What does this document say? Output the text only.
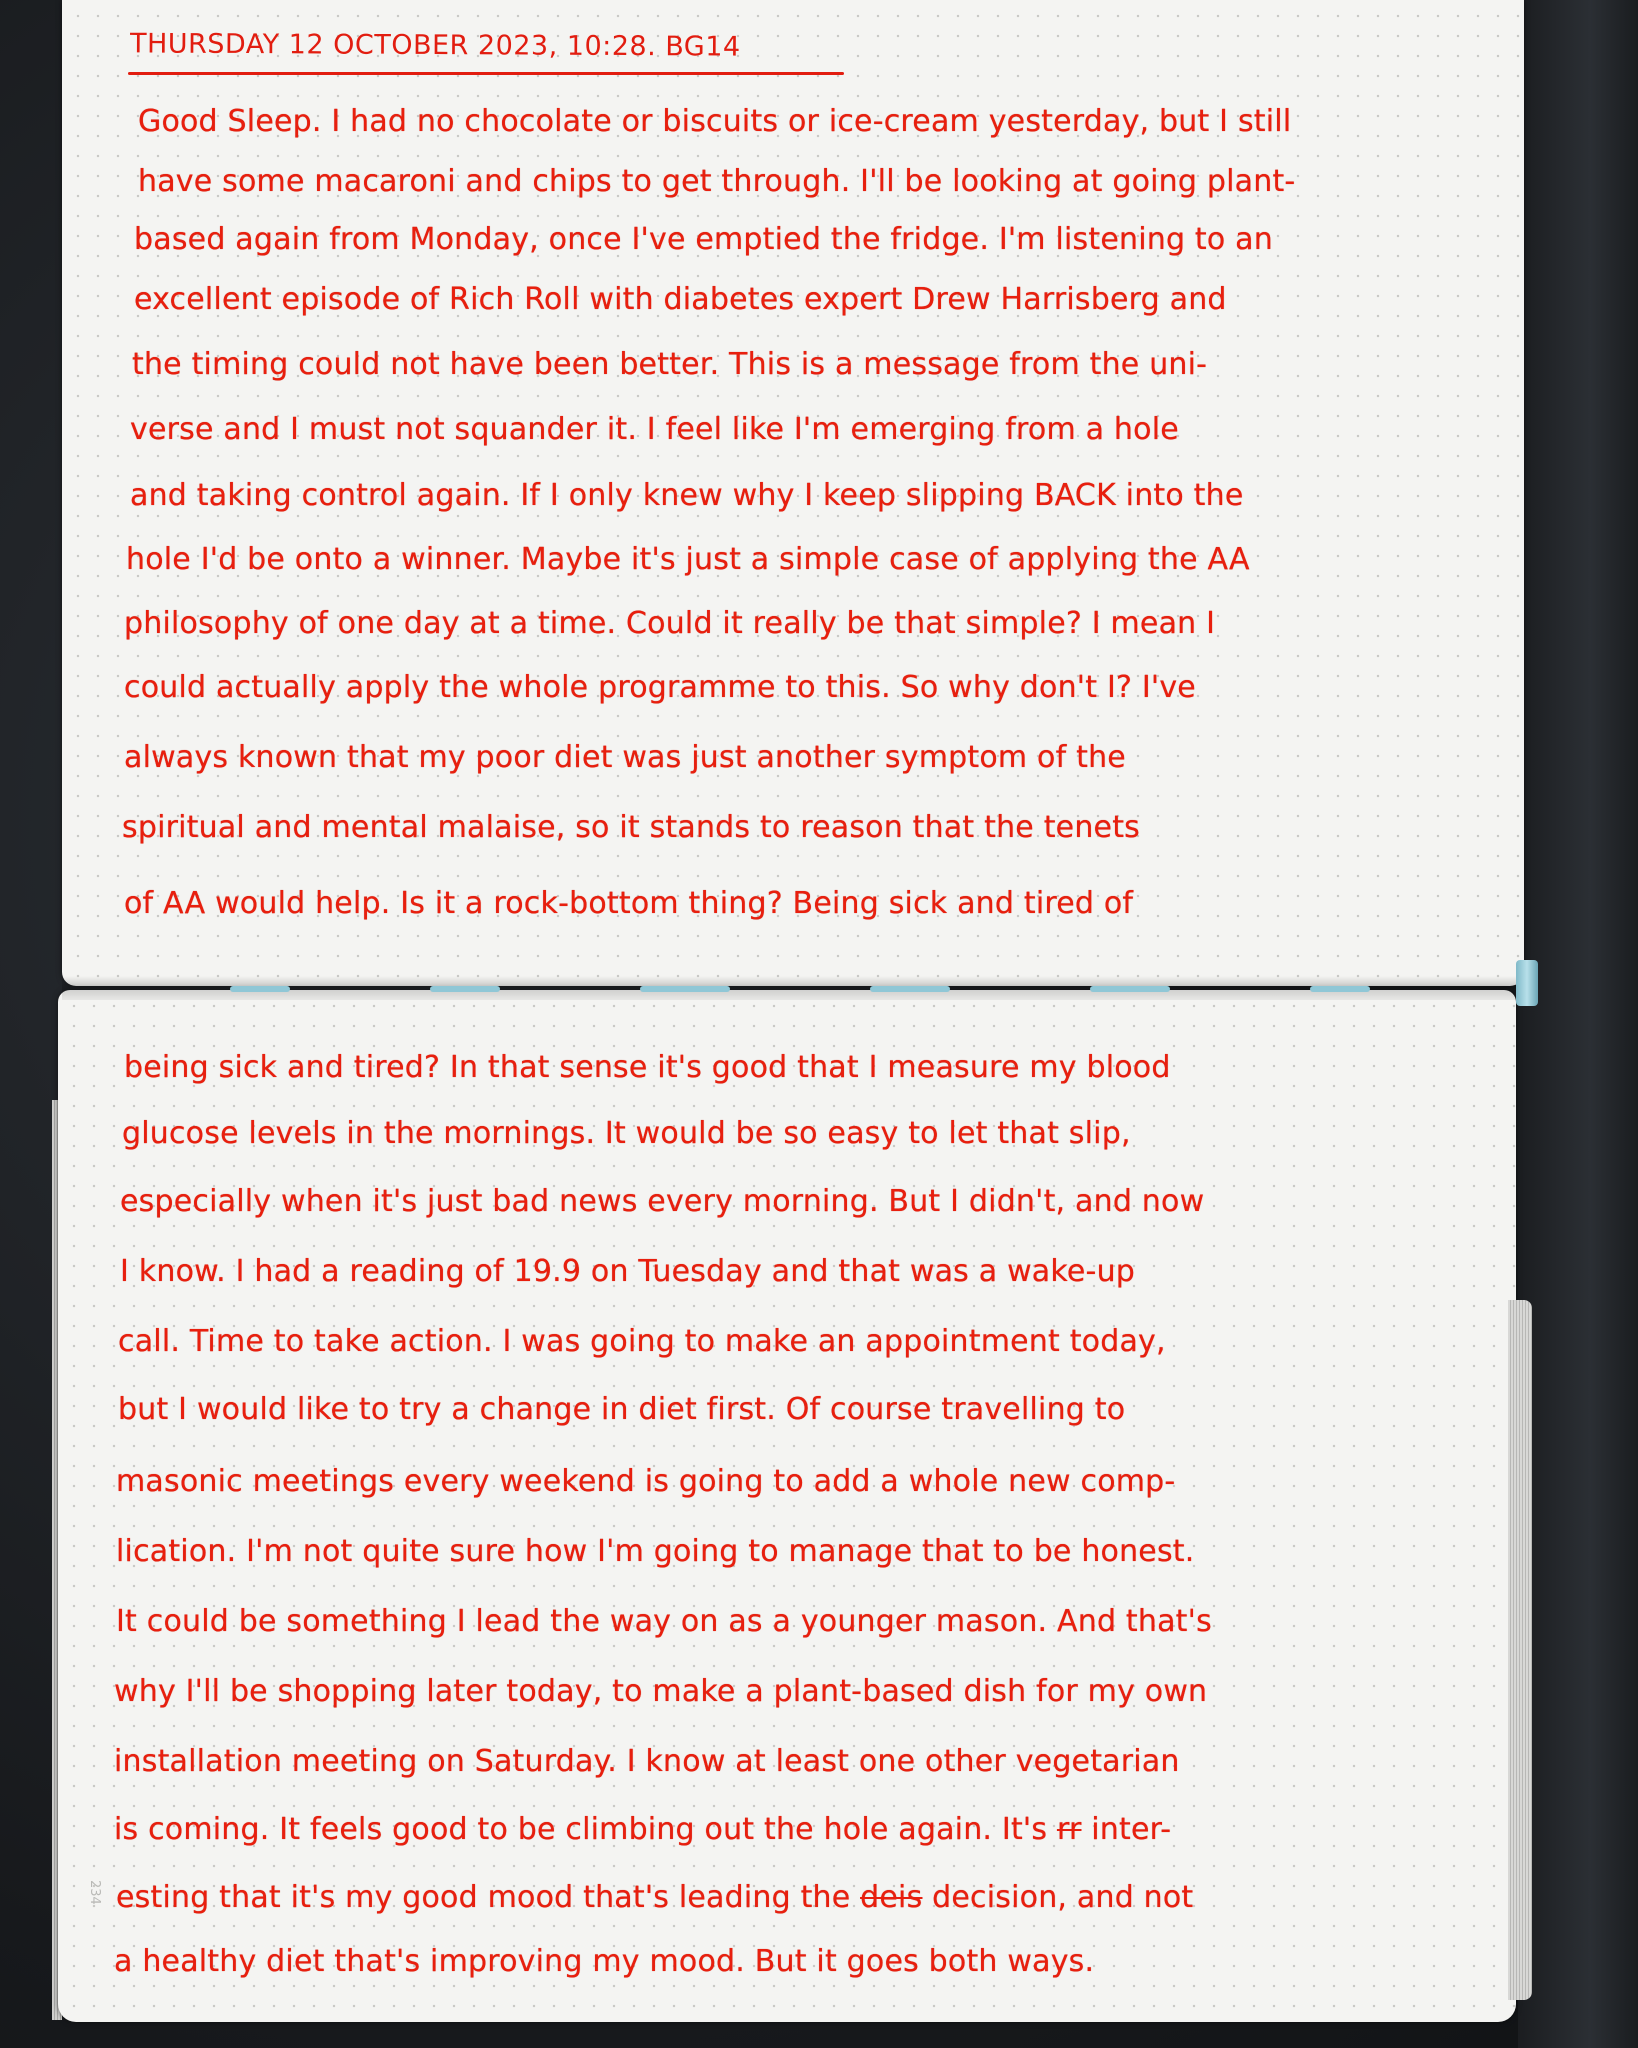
234
THURSDAY 12 OCTOBER 2023, 10:28. BG14
Good Sleep. I had no chocolate or biscuits or ice-cream yesterday, but I still
have some macaroni and chips to get through. I'll be looking at going plant-
based again from Monday, once I've emptied the fridge. I'm listening to an
excellent episode of Rich Roll with diabetes expert Drew Harrisberg and
the timing could not have been better. This is a message from the uni-
verse and I must not squander it. I feel like I'm emerging from a hole
and taking control again. If I only knew why I keep slipping BACK into the
hole I'd be onto a winner. Maybe it's just a simple case of applying the AA
philosophy of one day at a time. Could it really be that simple? I mean I
could actually apply the whole programme to this. So why don't I? I've
always known that my poor diet was just another symptom of the
spiritual and mental malaise, so it stands to reason that the tenets
of AA would help. Is it a rock-bottom thing? Being sick and tired of
being sick and tired? In that sense it's good that I measure my blood
glucose levels in the mornings. It would be so easy to let that slip,
especially when it's just bad news every morning. But I didn't, and now
I know. I had a reading of 19.9 on Tuesday and that was a wake-up
call. Time to take action. I was going to make an appointment today,
but I would like to try a change in diet first. Of course travelling to
masonic meetings every weekend is going to add a whole new comp-
lication. I'm not quite sure how I'm going to manage that to be honest.
It could be something I lead the way on as a younger mason. And that's
why I'll be shopping later today, to make a plant-based dish for my own
installation meeting on Saturday. I know at least one other vegetarian
is coming. It feels good to be climbing out the hole again. It's rr inter-
esting that it's my good mood that's leading the deis decision, and not
a healthy diet that's improving my mood. But it goes both ways.
